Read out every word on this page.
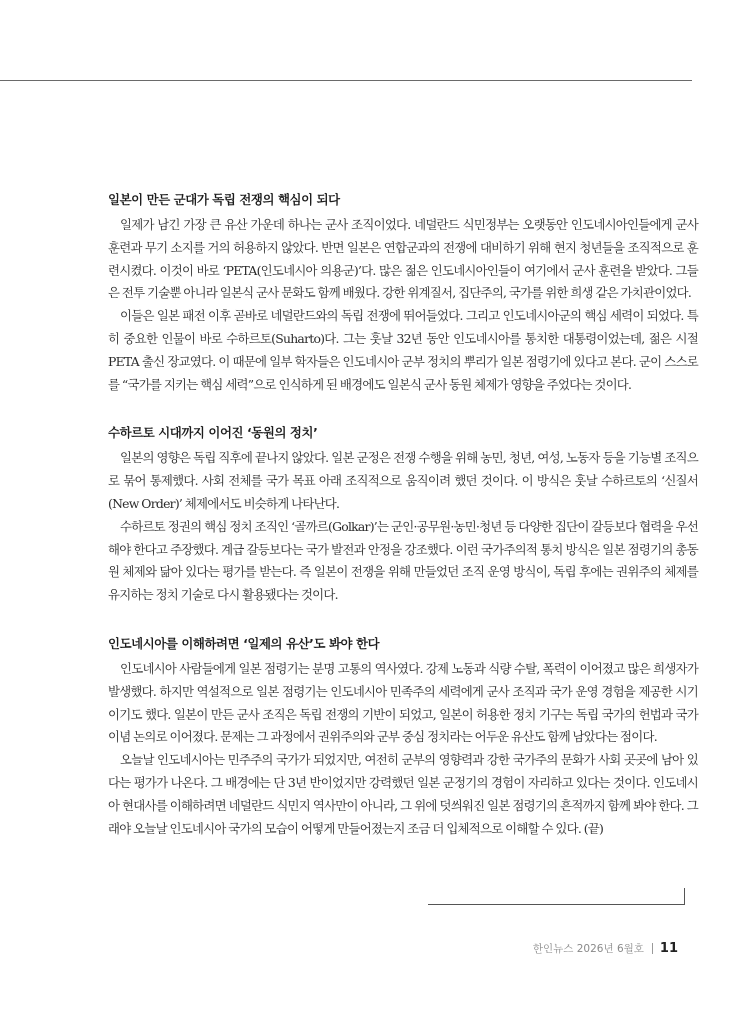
일본이 만든 군대가 독립 전쟁의 핵심이 되다

일제가 남긴 가장 큰 유산 가운데 하나는 군사 조직이었다. 네덜란드 식민정부는 오랫동안 인도네시아인들에게 군사 훈련과 무기 소지를 거의 허용하지 않았다. 반면 일본은 연합군과의 전쟁에 대비하기 위해 현지 청년들을 조직적으로 훈련시켰다. 이것이 바로 ‘PETA(인도네시아 의용군)’다. 많은 젊은 인도네시아인들이 여기에서 군사 훈련을 받았다. 그들은 전투 기술뿐 아니라 일본식 군사 문화도 함께 배웠다. 강한 위계질서, 집단주의, 국가를 위한 희생 같은 가치관이었다.

이들은 일본 패전 이후 곧바로 네덜란드와의 독립 전쟁에 뛰어들었다. 그리고 인도네시아군의 핵심 세력이 되었다. 특히 중요한 인물이 바로 수하르토(Suharto)다. 그는 훗날 32년 동안 인도네시아를 통치한 대통령이었는데, 젊은 시절 PETA 출신 장교였다. 이 때문에 일부 학자들은 인도네시아 군부 정치의 뿌리가 일본 점령기에 있다고 본다. 군이 스스로를 “국가를 지키는 핵심 세력”으로 인식하게 된 배경에도 일본식 군사 동원 체제가 영향을 주었다는 것이다.

수하르토 시대까지 이어진 ‘동원의 정치’

일본의 영향은 독립 직후에 끝나지 않았다. 일본 군정은 전쟁 수행을 위해 농민, 청년, 여성, 노동자 등을 기능별 조직으로 묶어 통제했다. 사회 전체를 국가 목표 아래 조직적으로 움직이려 했던 것이다. 이 방식은 훗날 수하르토의 ‘신질서(New Order)’ 체제에서도 비슷하게 나타난다.

수하르토 정권의 핵심 정치 조직인 ‘골까르(Golkar)’는 군인·공무원·농민·청년 등 다양한 집단이 갈등보다 협력을 우선해야 한다고 주장했다. 계급 갈등보다는 국가 발전과 안정을 강조했다. 이런 국가주의적 통치 방식은 일본 점령기의 총동원 체제와 닮아 있다는 평가를 받는다. 즉 일본이 전쟁을 위해 만들었던 조직 운영 방식이, 독립 후에는 권위주의 체제를 유지하는 정치 기술로 다시 활용됐다는 것이다.

인도네시아를 이해하려면 ‘일제의 유산’도 봐야 한다

인도네시아 사람들에게 일본 점령기는 분명 고통의 역사였다. 강제 노동과 식량 수탈, 폭력이 이어졌고 많은 희생자가 발생했다. 하지만 역설적으로 일본 점령기는 인도네시아 민족주의 세력에게 군사 조직과 국가 운영 경험을 제공한 시기이기도 했다. 일본이 만든 군사 조직은 독립 전쟁의 기반이 되었고, 일본이 허용한 정치 기구는 독립 국가의 헌법과 국가 이념 논의로 이어졌다. 문제는 그 과정에서 권위주의와 군부 중심 정치라는 어두운 유산도 함께 남았다는 점이다.

오늘날 인도네시아는 민주주의 국가가 되었지만, 여전히 군부의 영향력과 강한 국가주의 문화가 사회 곳곳에 남아 있다는 평가가 나온다. 그 배경에는 단 3년 반이었지만 강력했던 일본 군정기의 경험이 자리하고 있다는 것이다. 인도네시아 현대사를 이해하려면 네덜란드 식민지 역사만이 아니라, 그 위에 덧씌워진 일본 점령기의 흔적까지 함께 봐야 한다. 그래야 오늘날 인도네시아 국가의 모습이 어떻게 만들어졌는지 조금 더 입체적으로 이해할 수 있다. (끝)

한인뉴스 2026년 6월호 11
